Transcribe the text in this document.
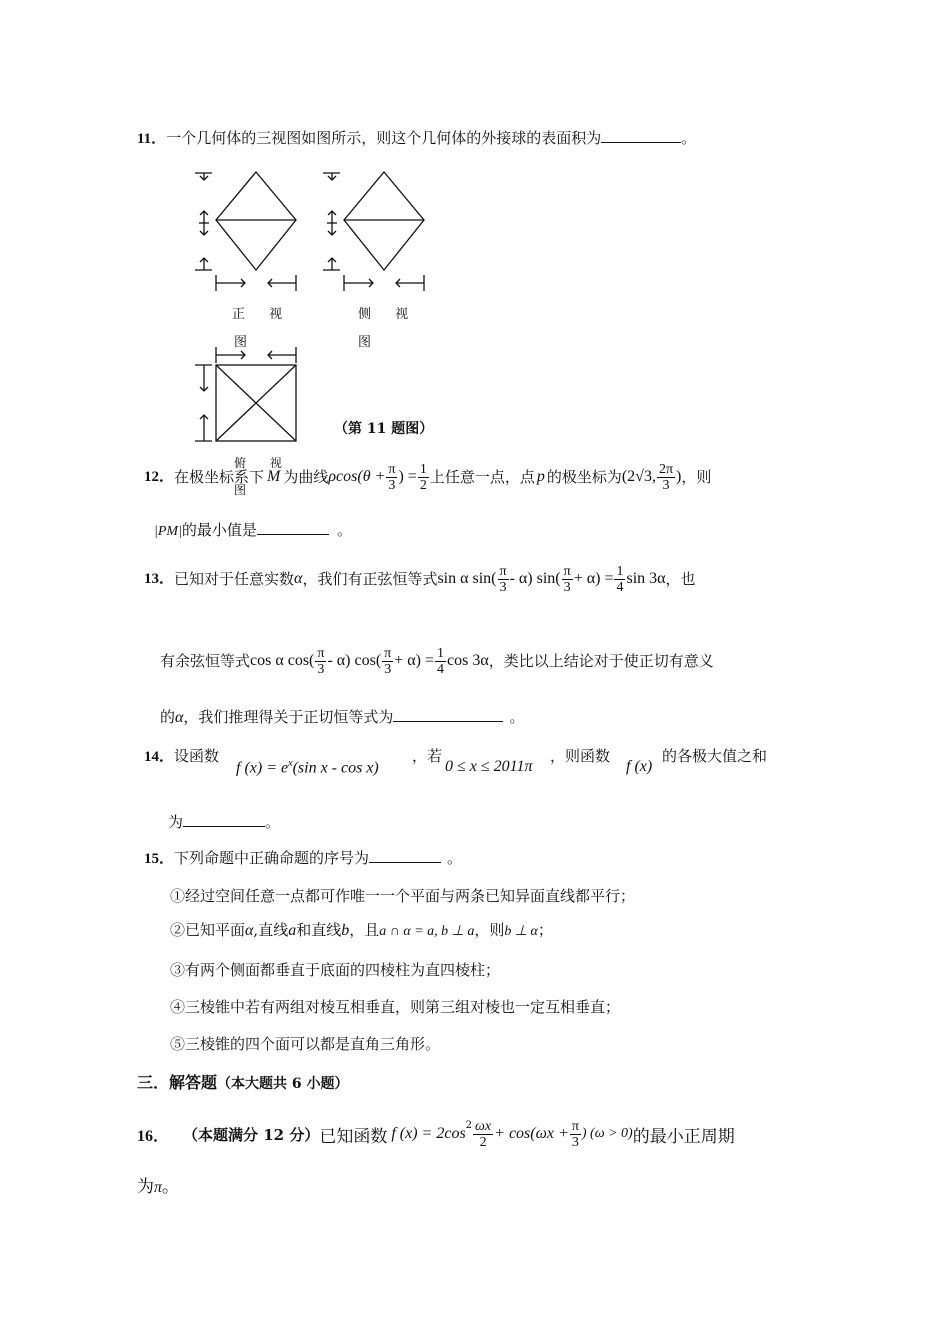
11．一个几何体的三视图如图所示，则这个几何体的外接球的表面积为	。
正 视
图
侧 视
图
俯 视
图
（第 11 题图）
12． 在极坐标系下 M 为曲线 $\rho\cos(\theta + \frac{\pi}{3}$ ) = $\frac{1}{2}$ 上任意一点，点 p 的极坐标为 (2√3, $\frac{2\pi}{3}$ ) ，则
|PM|的最小值是	。
13． 已知对于任意实数 α ，我们有正弦恒等式 sin α $\sin( \frac{\pi}{3} - \alpha)$ $\sin( \frac{\pi}{3} + \alpha) = \frac{1}{4}$ sin 3α ，也
有余弦恒等式 cos α $\cos( \frac{\pi}{3} - \alpha)$ $\cos( \frac{\pi}{3} + \alpha) = \frac{1}{4}$ cos 3α ，类比以上结论对于使正切有意义
的α，我们推理得关于正切恒等式为	。
14．设函数
f $(x) = e^x(\sin$ x - cos x)
，若
0 ≤ x ≤ 2011π
，则函数
f (x)
的各极大值之和
为	。
15．下列命题中正确命题的序号为	。
①经过空间任意一点都可作唯一一个平面与两条已知异面直线都平行；
②已知平面α,直线a和直线b，且a ∩ α = a, b ⊥ a，则b ⊥ α；
③有两个侧面都垂直于底面的四棱柱为直四棱柱；
④三棱锥中若有两组对棱互相垂直，则第三组对棱也一定互相垂直；
⑤三棱锥的四个面可以都是直角三角形。
三．解答题（本大题共 6 小题）
16． （本题满分 12 分） 已知函数 f $(x) = 2\cos^2 \frac{\omega x}{2} + \cos(\omega x + \frac{\pi}{3}$ ) (ω > 0) 的最小正周期
为π。
